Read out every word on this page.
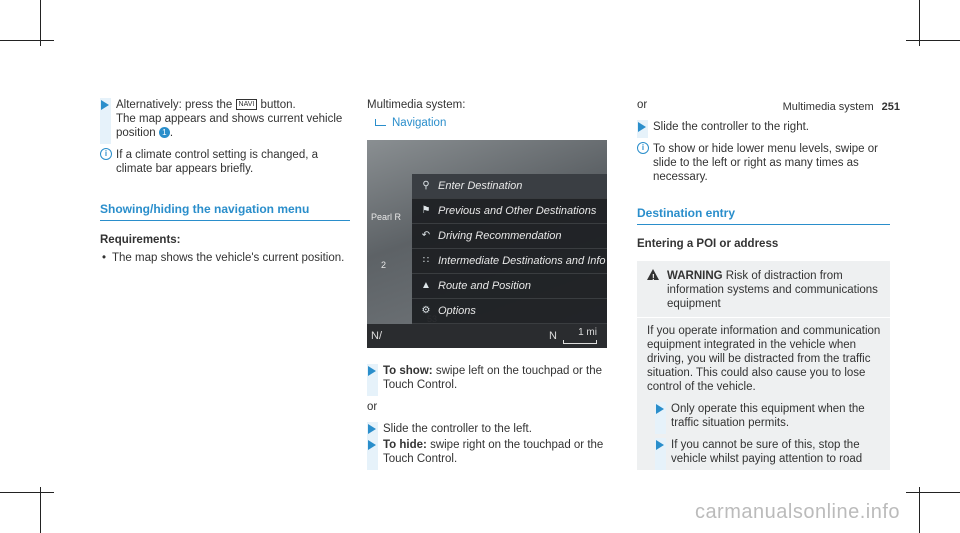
Multimedia system 251
Alternatively: press the NAVI button.
The map appears and shows current vehicle position 1 .
i If a climate control setting is changed, a climate bar appears briefly.
Showing/hiding the navigation menu
Requirements:
• The map shows the vehicle's current position.
Multimedia system:
Navigation
Pearl R
2
⚲ Enter Destination
⚑ Previous and Other Destinations
↶ Driving Recommendation
∷ Intermediate Destinations and Info
▲ Route and Position
⚙ Options
N/	N 1 mi
To show: swipe left on the touchpad or the Touch Control.
or
Slide the controller to the left.
To hide: swipe right on the touchpad or the Touch Control.
or
Slide the controller to the right.
i To show or hide lower menu levels, swipe or slide to the left or right as many times as necessary.
Destination entry
Entering a POI or address
! WARNING Risk of distraction from information systems and communications equipment
If you operate information and communication equipment integrated in the vehicle when driving, you will be distracted from the traffic situation. This could also cause you to lose control of the vehicle.
Only operate this equipment when the traffic situation permits.
If you cannot be sure of this, stop the vehicle whilst paying attention to road
carmanualsonline.info
